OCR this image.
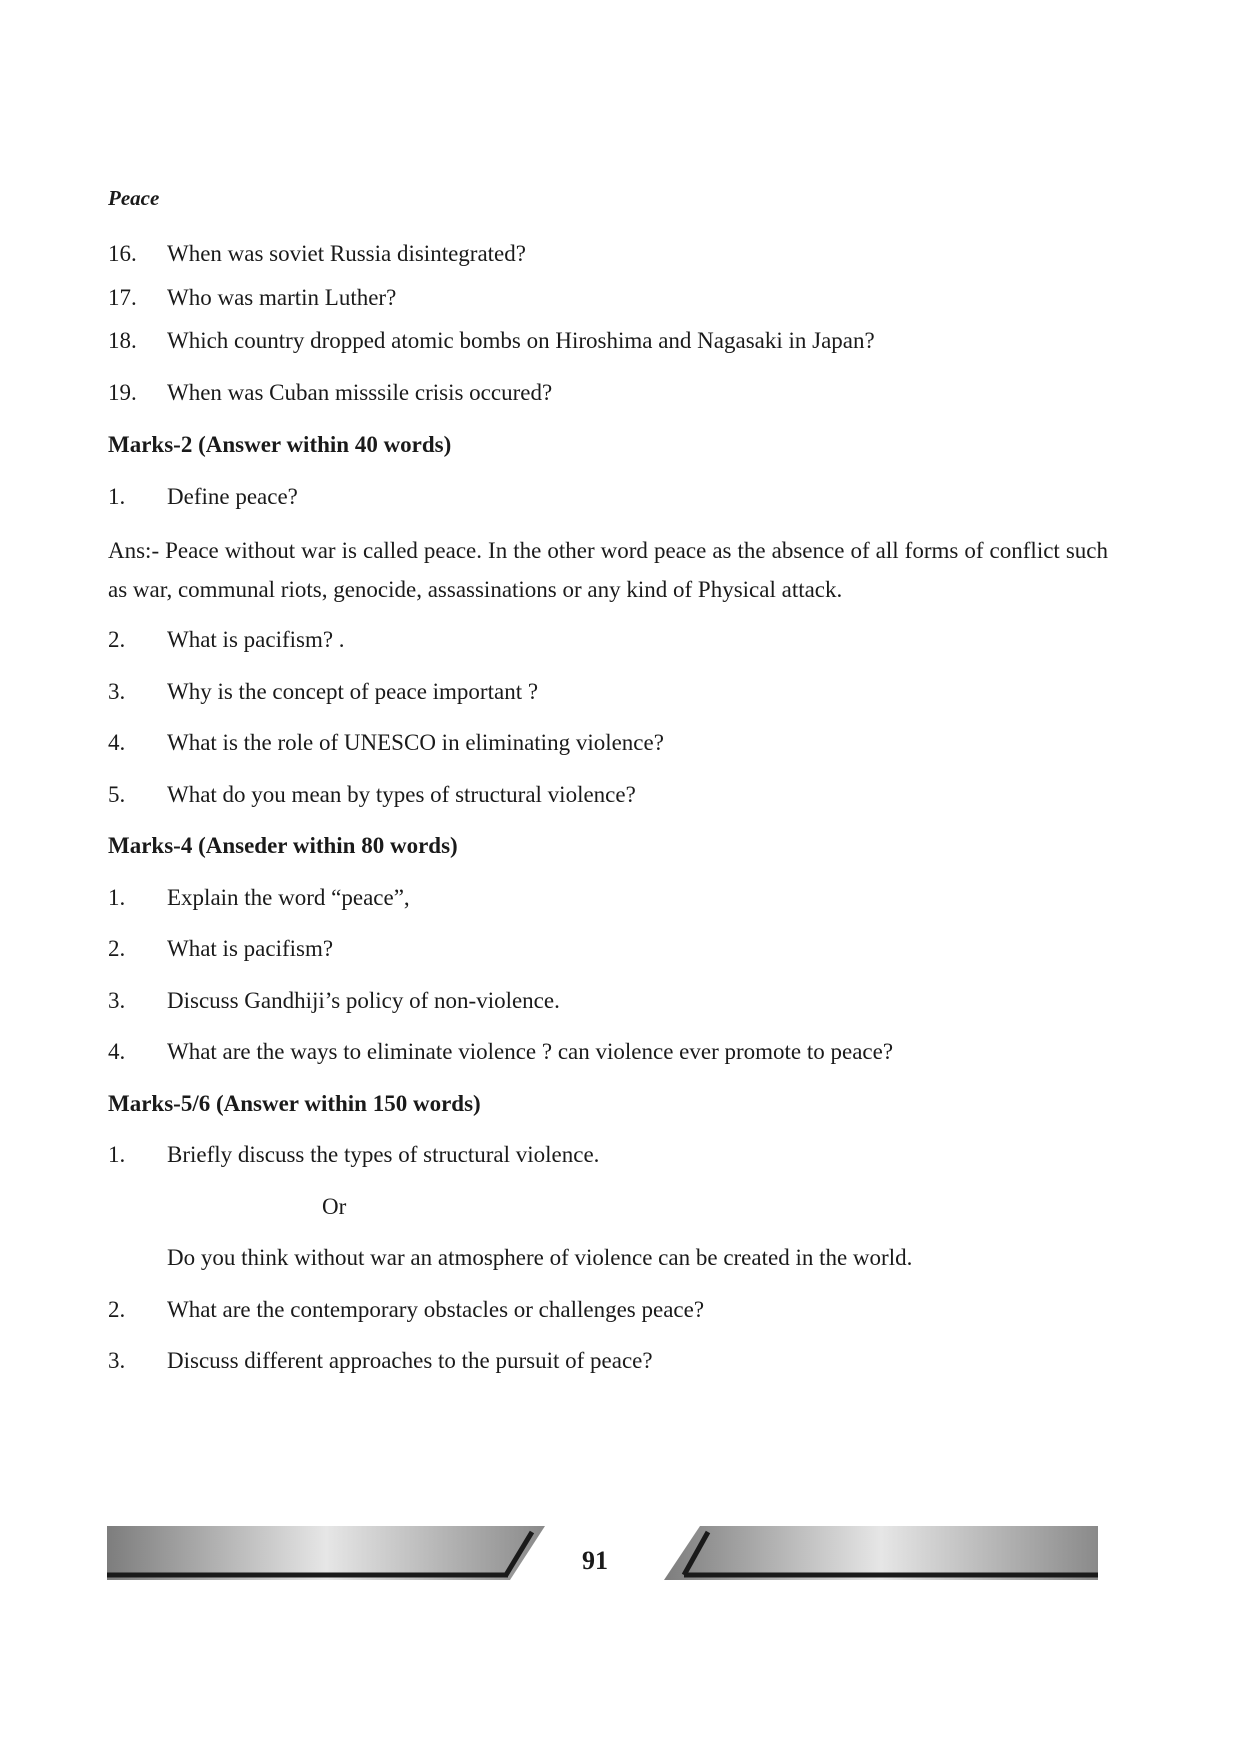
Peace
16. When was soviet Russia disintegrated?
17. Who was martin Luther?
18. Which country dropped atomic bombs on Hiroshima and Nagasaki in Japan?
19. When was Cuban misssile crisis occured?
Marks-2 (Answer within 40 words)
1. Define peace?
Ans:- Peace without war is called peace. In the other word peace as the absence of all forms of conflict such as war, communal riots, genocide, assassinations or any kind of Physical attack.
2. What is pacifism? .
3. Why is the concept of peace important ?
4. What is the role of UNESCO in eliminating violence?
5. What do you mean by types of structural violence?
Marks-4 (Anseder within 80 words)
1. Explain the word “peace”,
2. What is pacifism?
3. Discuss Gandhiji’s policy of non-violence.
4. What are the ways to eliminate violence ? can violence ever promote to peace?
Marks-5/6 (Answer within 150 words)
1. Briefly discuss the types of structural violence.
Or
Do you think without war an atmosphere of violence can be created in the world.
2. What are the contemporary obstacles or challenges peace?
3. Discuss different approaches to the pursuit of peace?
91
